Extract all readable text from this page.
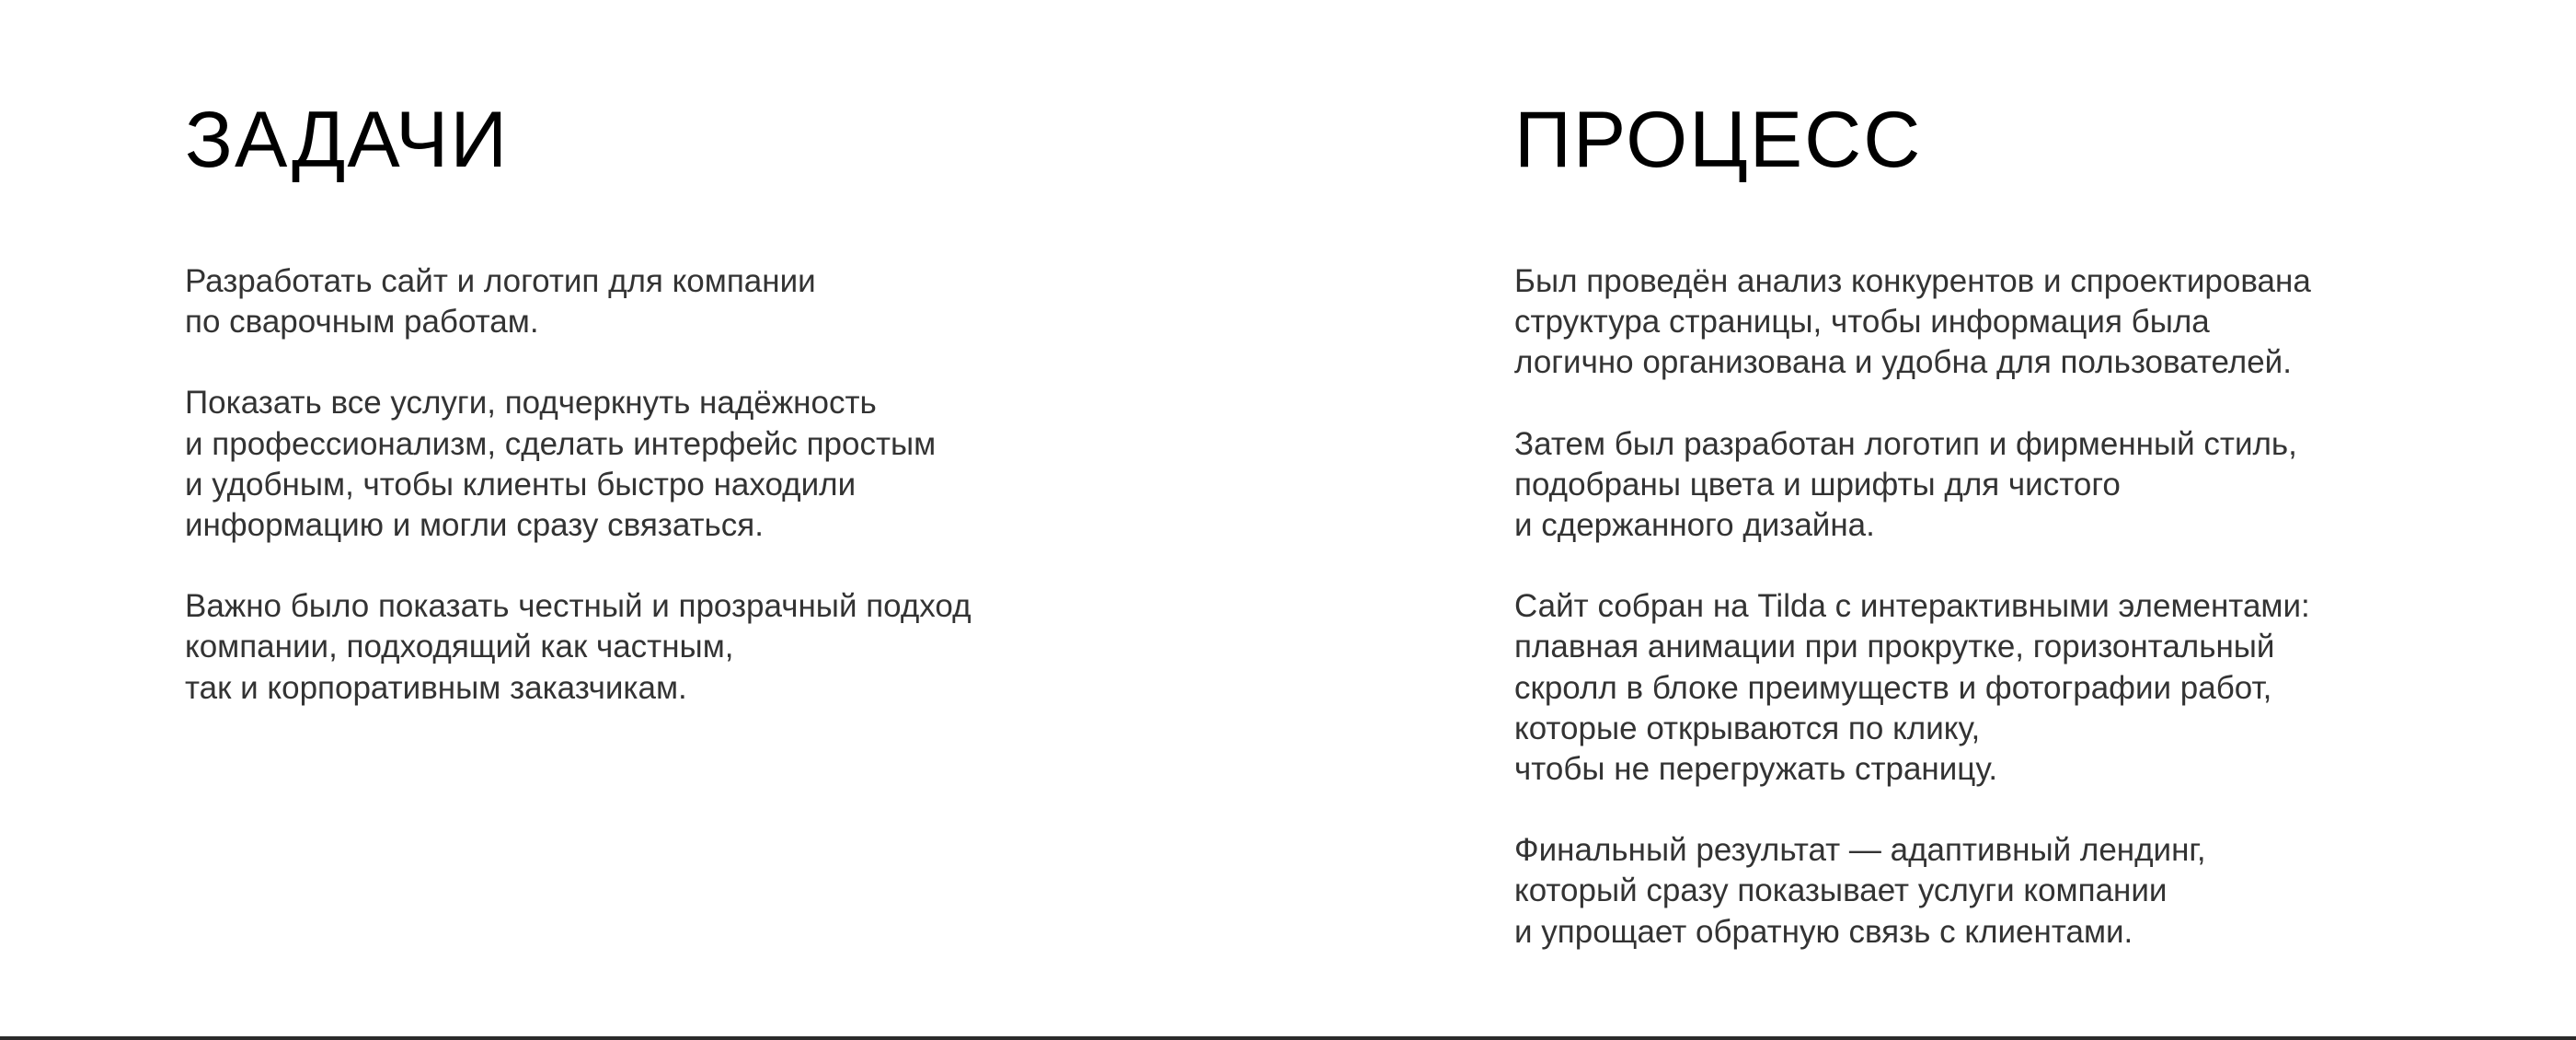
ЗАДАЧИ

Разработать сайт и логотип для компании
по сварочным работам.

Показать все услуги, подчеркнуть надёжность
и профессионализм, сделать интерфейс простым
и удобным, чтобы клиенты быстро находили
информацию и могли сразу связаться.

Важно было показать честный и прозрачный подход
компании, подходящий как частным,
так и корпоративным заказчикам.

ПРОЦЕСС

Был проведён анализ конкурентов и спроектирована
структура страницы, чтобы информация была
логично организована и удобна для пользователей.

Затем был разработан логотип и фирменный стиль,
подобраны цвета и шрифты для чистого
и сдержанного дизайна.

Сайт собран на Tilda с интерактивными элементами:
плавная анимации при прокрутке, горизонтальный
скролл в блоке преимуществ и фотографии работ,
которые открываются по клику,
чтобы не перегружать страницу.

Финальный результат — адаптивный лендинг,
который сразу показывает услуги компании
и упрощает обратную связь с клиентами.
